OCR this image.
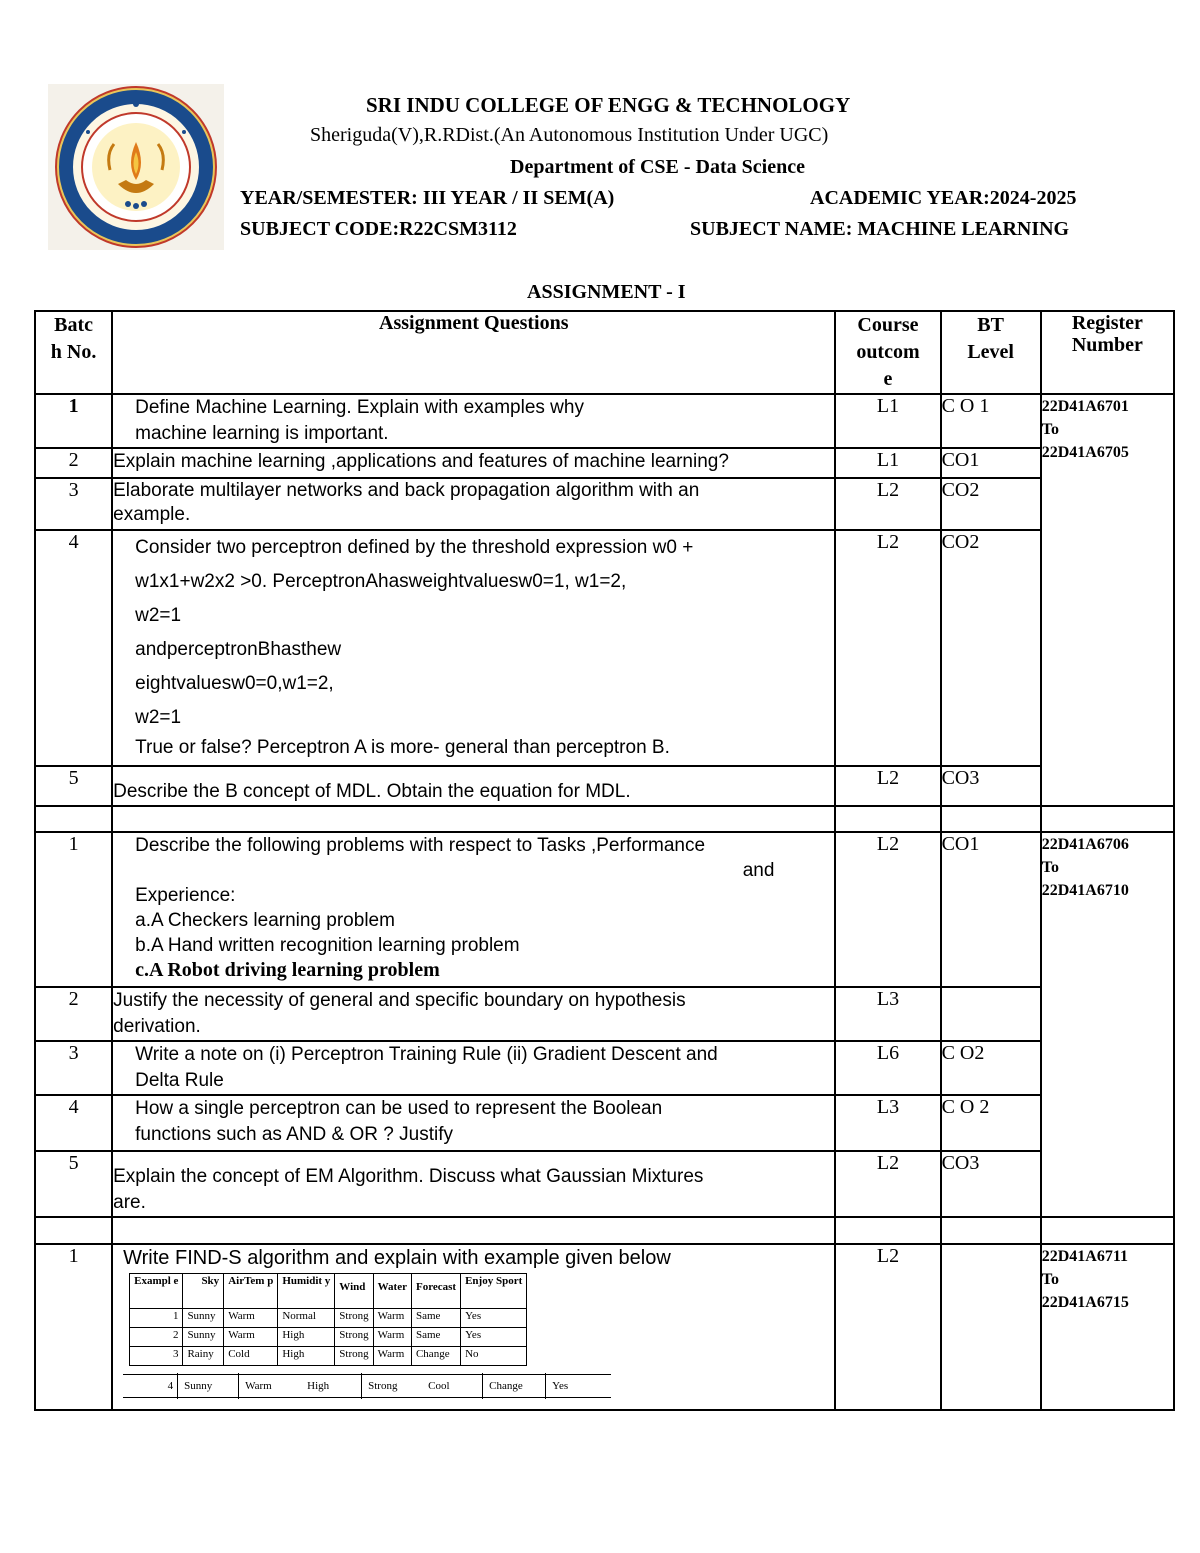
SRI INDU COLLEGE OF ENGG & TECHNOLOGY
Sheriguda(V),R.RDist.(An Autonomous Institution Under UGC)
Department of CSE - Data Science
YEAR/SEMESTER: III YEAR / II SEM(A)	ACADEMIC YEAR:2024-2025
SUBJECT CODE:R22CSM3112	SUBJECT NAME: MACHINE LEARNING
ASSIGNMENT - I
Batc
h No.	Assignment Questions	Course
outcom
e	BT
Level	Register
Number
1	Define Machine Learning. Explain with examples why
machine learning is important.	L1	C O 1	22D41A6701
To
22D41A6705
2	Explain machine learning ,applications and features of machine learning?	L1	CO1
3	Elaborate multilayer networks and back propagation algorithm with an
example.	L2	CO2
4	Consider two perceptron defined by the threshold expression w0 +

w1x1+w2x2 >0. PerceptronAhasweightvaluesw0=1, w1=2,

w2=1

andperceptronBhasthew

eightvaluesw0=0,w1=2,

w2=1

True or false? Perceptron A is more- general than perceptron B.

	L2	CO2
5	Describe the B concept of MDL. Obtain the equation for MDL.	L2	CO3

1	Describe the following problems with respect to Tasks ,Performance

and
Experience:
a.A Checkers learning problem
b.A Hand written recognition learning problem
c.A Robot driving learning problem	L2	CO1	22D41A6706
To
22D41A6710
2	Justify the necessity of general and specific boundary on hypothesis
derivation.	L3	
3	Write a note on (i) Perceptron Training Rule (ii) Gradient Descent and
Delta Rule	L6	C O2
4	How a single perceptron can be used to represent the Boolean
functions such as AND & OR ? Justify	L3	C O 2
5	Explain the concept of EM Algorithm. Discuss what Gaussian Mixtures
are.	L2	CO3

1	Write FIND-S algorithm and explain with example given below
Exampl e	Sky	AirTem p	Humidit y	Wind	Water	Forecast	Enjoy Sport
1	Sunny	Warm	Normal	Strong	Warm	Same	Yes
2	Sunny	Warm	High	Strong	Warm	Same	Yes
3	Rainy	Cold	High	Strong	Warm	Change	No
4	Sunny	Warm	High	Strong	Cool	Change	Yes
	L2		22D41A6711
To
22D41A6715
